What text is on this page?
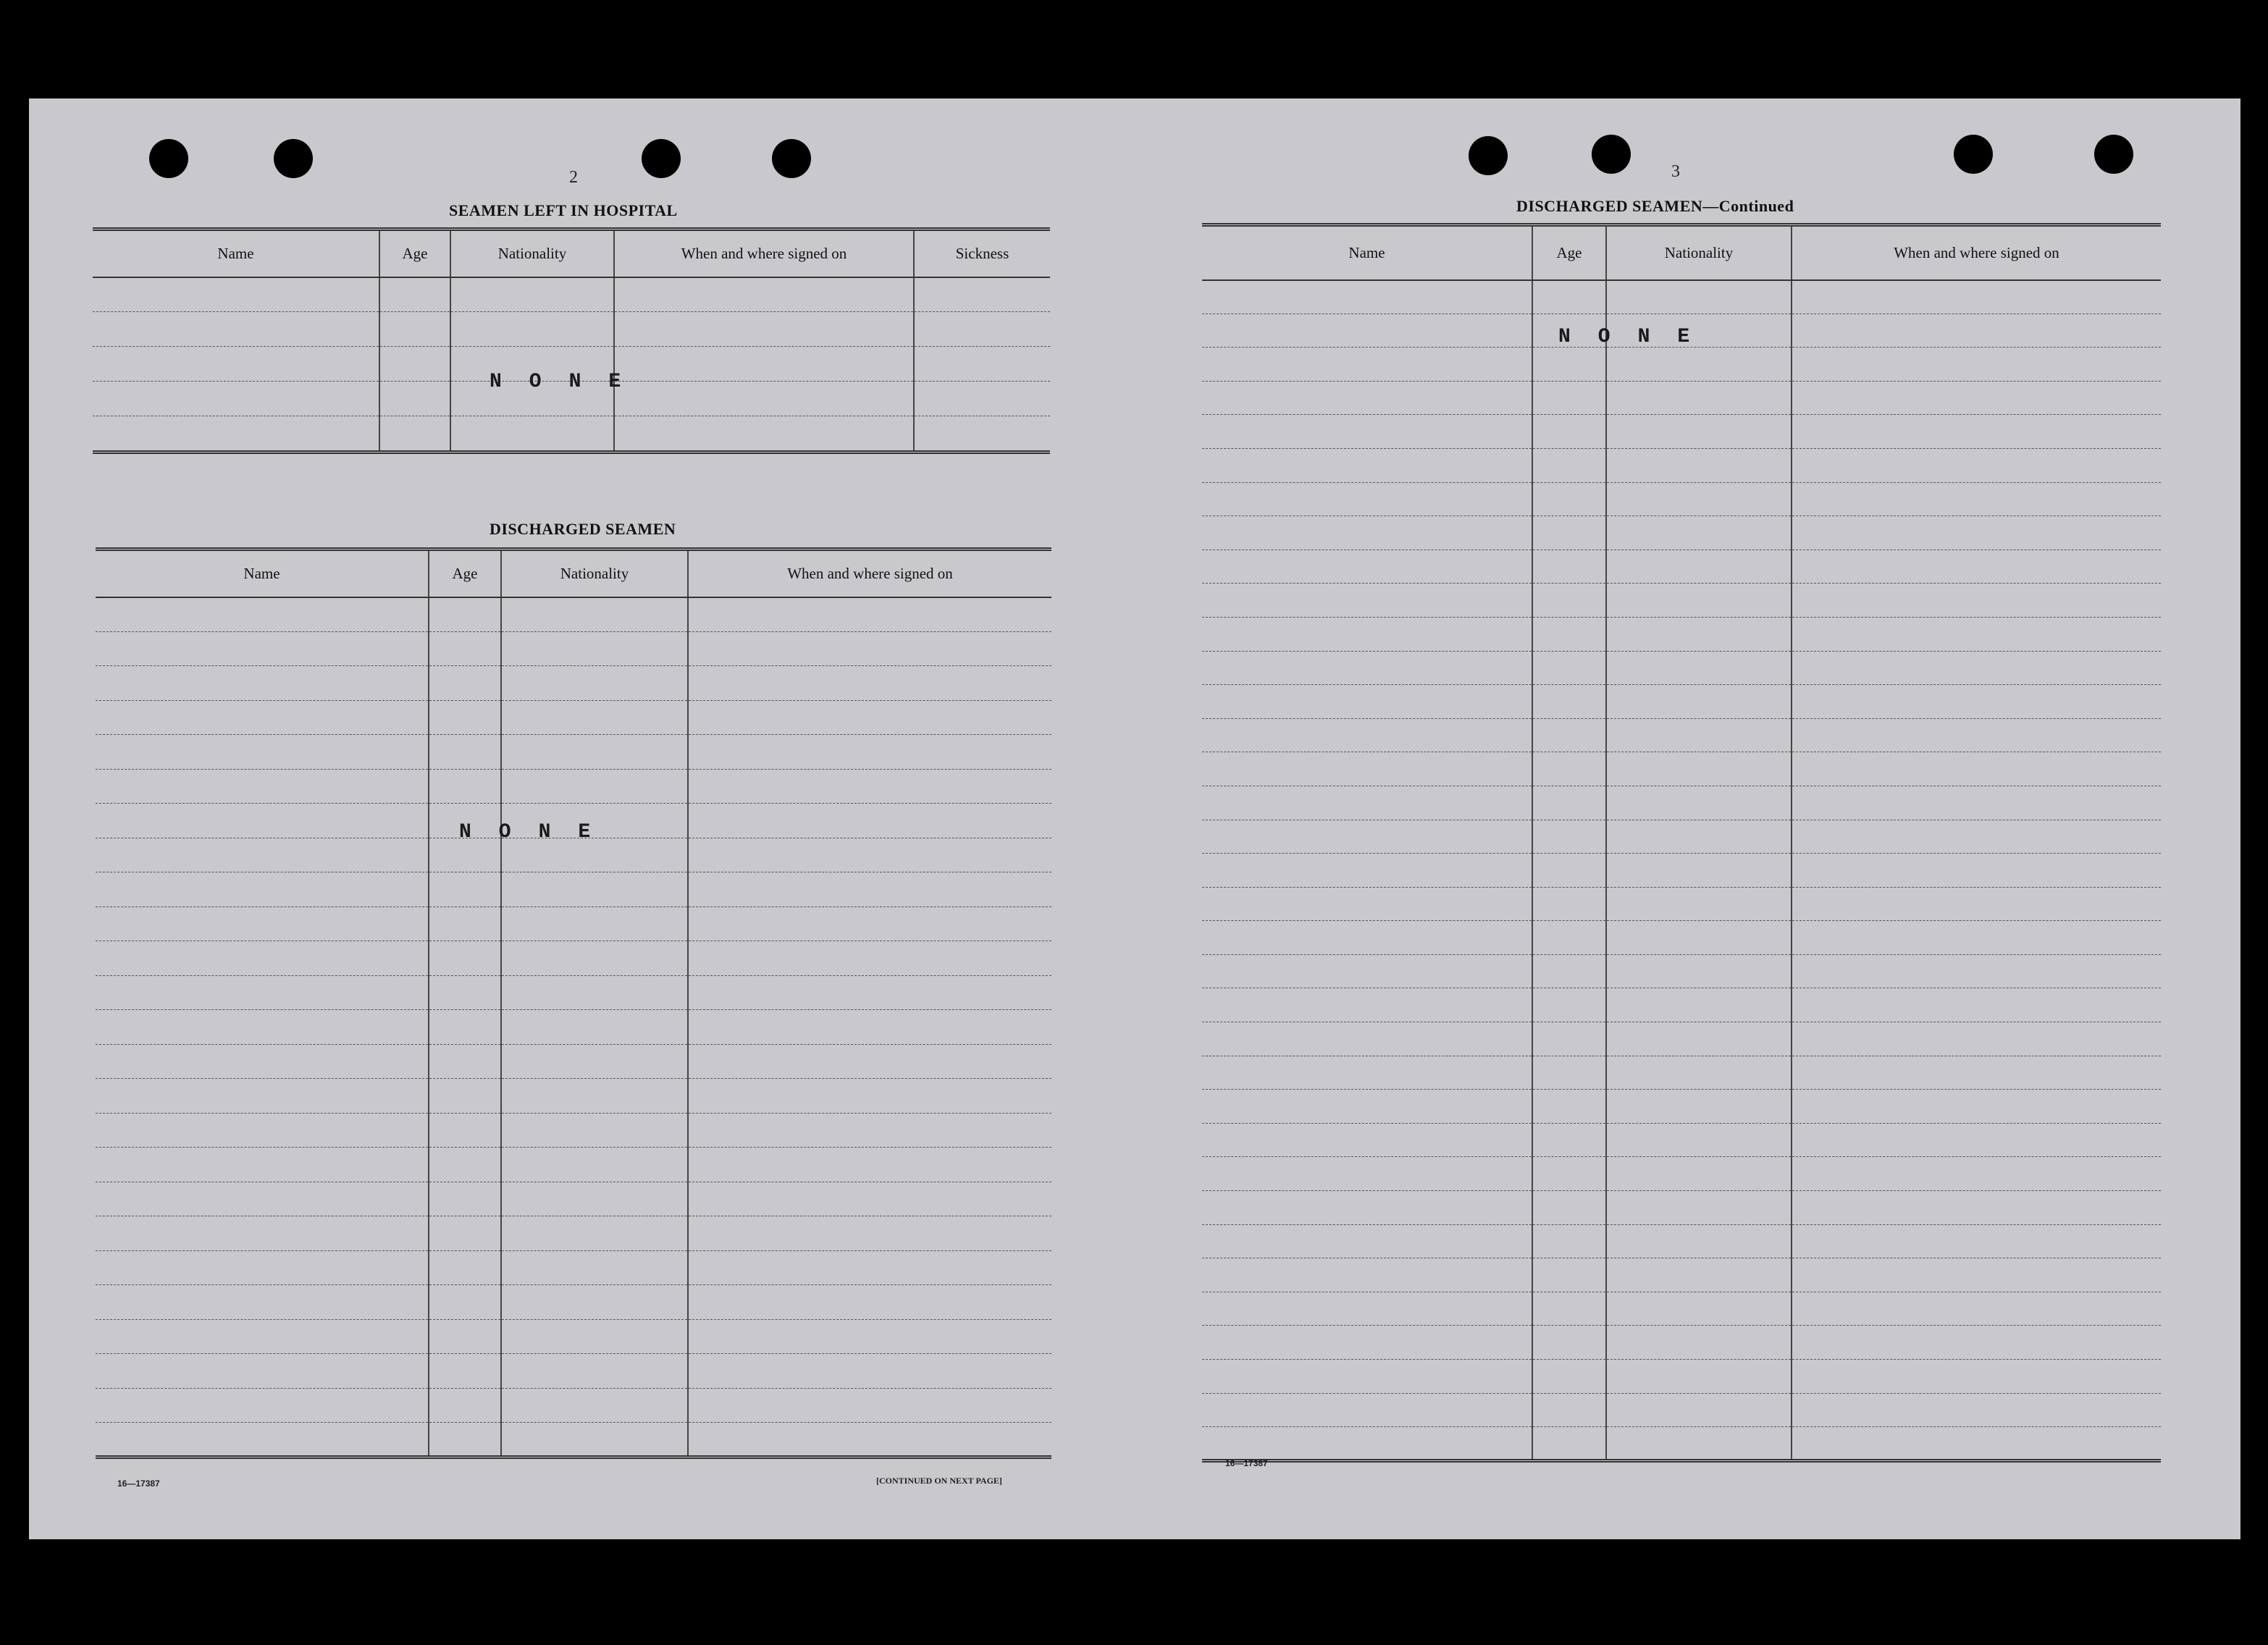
2
SEAMEN LEFT IN HOSPITAL
Name	Age	Nationality	When and where signed on	Sickness

NONE
DISCHARGED SEAMEN
Name	Age	Nationality	When and where signed on

NONE
16—17387	[CONTINUED ON NEXT PAGE]
3
DISCHARGED SEAMEN—Continued
Name	Age	Nationality	When and where signed on

NONE
16—17387
